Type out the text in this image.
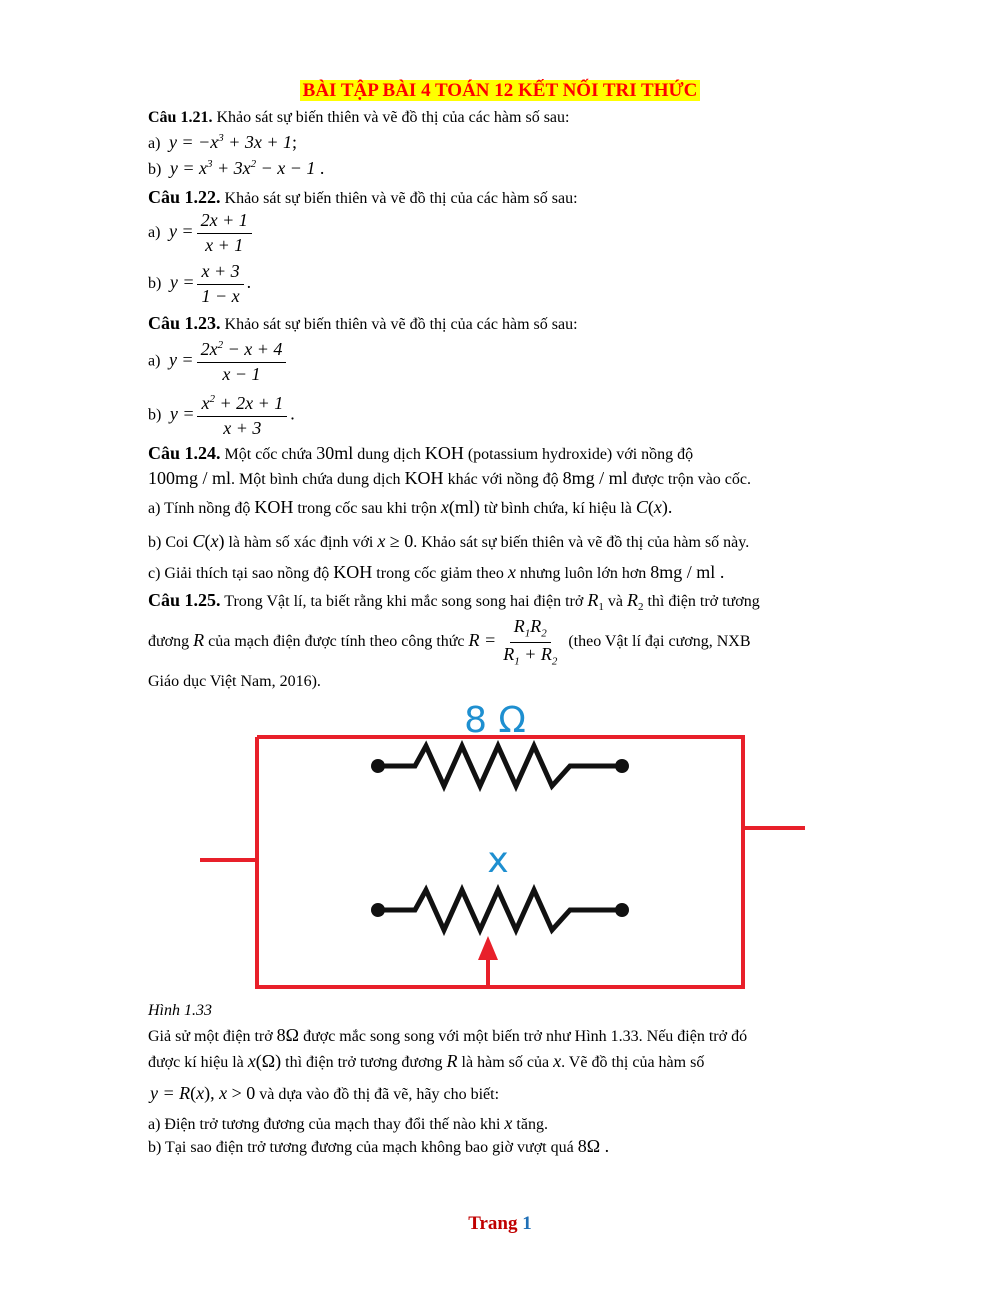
BÀI TẬP BÀI 4 TOÁN 12 KẾT NỐI TRI THỨC
Câu 1.21. Khảo sát sự biến thiên và vẽ đồ thị của các hàm số sau:
a)  $y = -x^3 + 3x + 1$;
b)  $y = x^3 + 3x^2 - x - 1$ .
Câu 1.22. Khảo sát sự biến thiên và vẽ đồ thị của các hàm số sau:
a)  $y = \frac{2x + 1}{x + 1}$
b)  $y = \frac{x + 3}{1 - x}$ .
Câu 1.23. Khảo sát sự biến thiên và vẽ đồ thị của các hàm số sau:
a)  $y = \frac{2x^2 - x + 4}{x - 1}$
b)  $y = \frac{x^2 + 2x + 1}{x + 3}$ .
Câu 1.24. Một cốc chứa 30ml dung dịch KOH (potassium hydroxide) với nồng độ
100mg / ml. Một bình chứa dung dịch KOH khác với nồng độ 8mg / ml được trộn vào cốc.
a) Tính nồng độ KOH trong cốc sau khi trộn x(ml) từ bình chứa, kí hiệu là C(x).
b) Coi C(x) là hàm số xác định với x ≥ 0. Khảo sát sự biến thiên và vẽ đồ thị của hàm số này.
c) Giải thích tại sao nồng độ KOH trong cốc giảm theo x nhưng luôn lớn hơn 8mg / ml .
Câu 1.25. Trong Vật lí, ta biết rằng khi mắc song song hai điện trở $R_1$ và $R_2$ thì điện trở tương
đương R của mạch điện được tính theo công thức $R = \frac{R_1R_2}{R_1 + R_2}$ (theo Vật lí đại cương, NXB
Giáo dục Việt Nam, 2016).
8 Ω
x
Hình 1.33
Giả sử một điện trở 8Ω được mắc song song với một biến trở như Hình 1.33. Nếu điện trở đó
được kí hiệu là x(Ω) thì điện trở tương đương R là hàm số của x. Vẽ đồ thị của hàm số
y = R(x), x > 0 và dựa vào đồ thị đã vẽ, hãy cho biết:
a) Điện trở tương đương của mạch thay đổi thế nào khi x tăng.
b) Tại sao điện trở tương đương của mạch không bao giờ vượt quá 8Ω .
Trang 1
